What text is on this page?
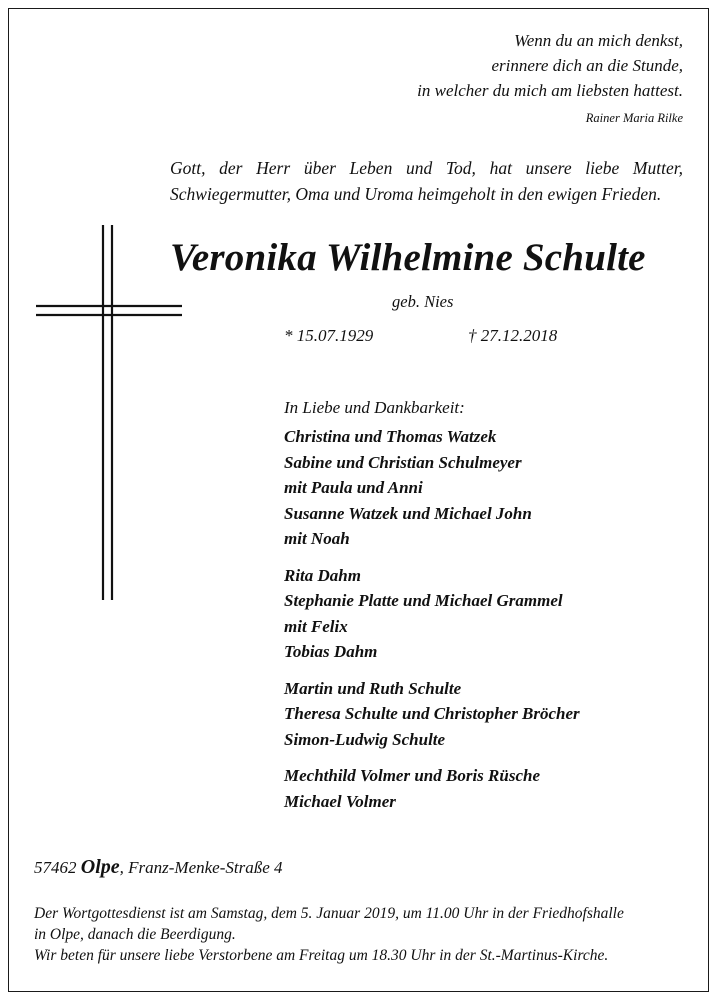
Wenn du an mich denkst,
erinnere dich an die Stunde,
in welcher du mich am liebsten hattest.
Rainer Maria Rilke
Gott, der Herr über Leben und Tod, hat unsere liebe Mutter,
Schwiegermutter, Oma und Uroma heimgeholt in den ewigen Frieden.
Veronika Wilhelmine Schulte
geb. Nies
* 15.07.1929	† 27.12.2018
In Liebe und Dankbarkeit:
Christina und Thomas Watzek
Sabine und Christian Schulmeyer
mit Paula und Anni
Susanne Watzek und Michael John
mit Noah
Rita Dahm
Stephanie Platte und Michael Grammel
mit Felix
Tobias Dahm
Martin und Ruth Schulte
Theresa Schulte und Christopher Bröcher
Simon-Ludwig Schulte
Mechthild Volmer und Boris Rüsche
Michael Volmer
57462 Olpe, Franz-Menke-Straße 4
Der Wortgottesdienst ist am Samstag, dem 5. Januar 2019, um 11.00 Uhr in der Friedhofshalle
in Olpe, danach die Beerdigung.
Wir beten für unsere liebe Verstorbene am Freitag um 18.30 Uhr in der St.-Martinus-Kirche.
